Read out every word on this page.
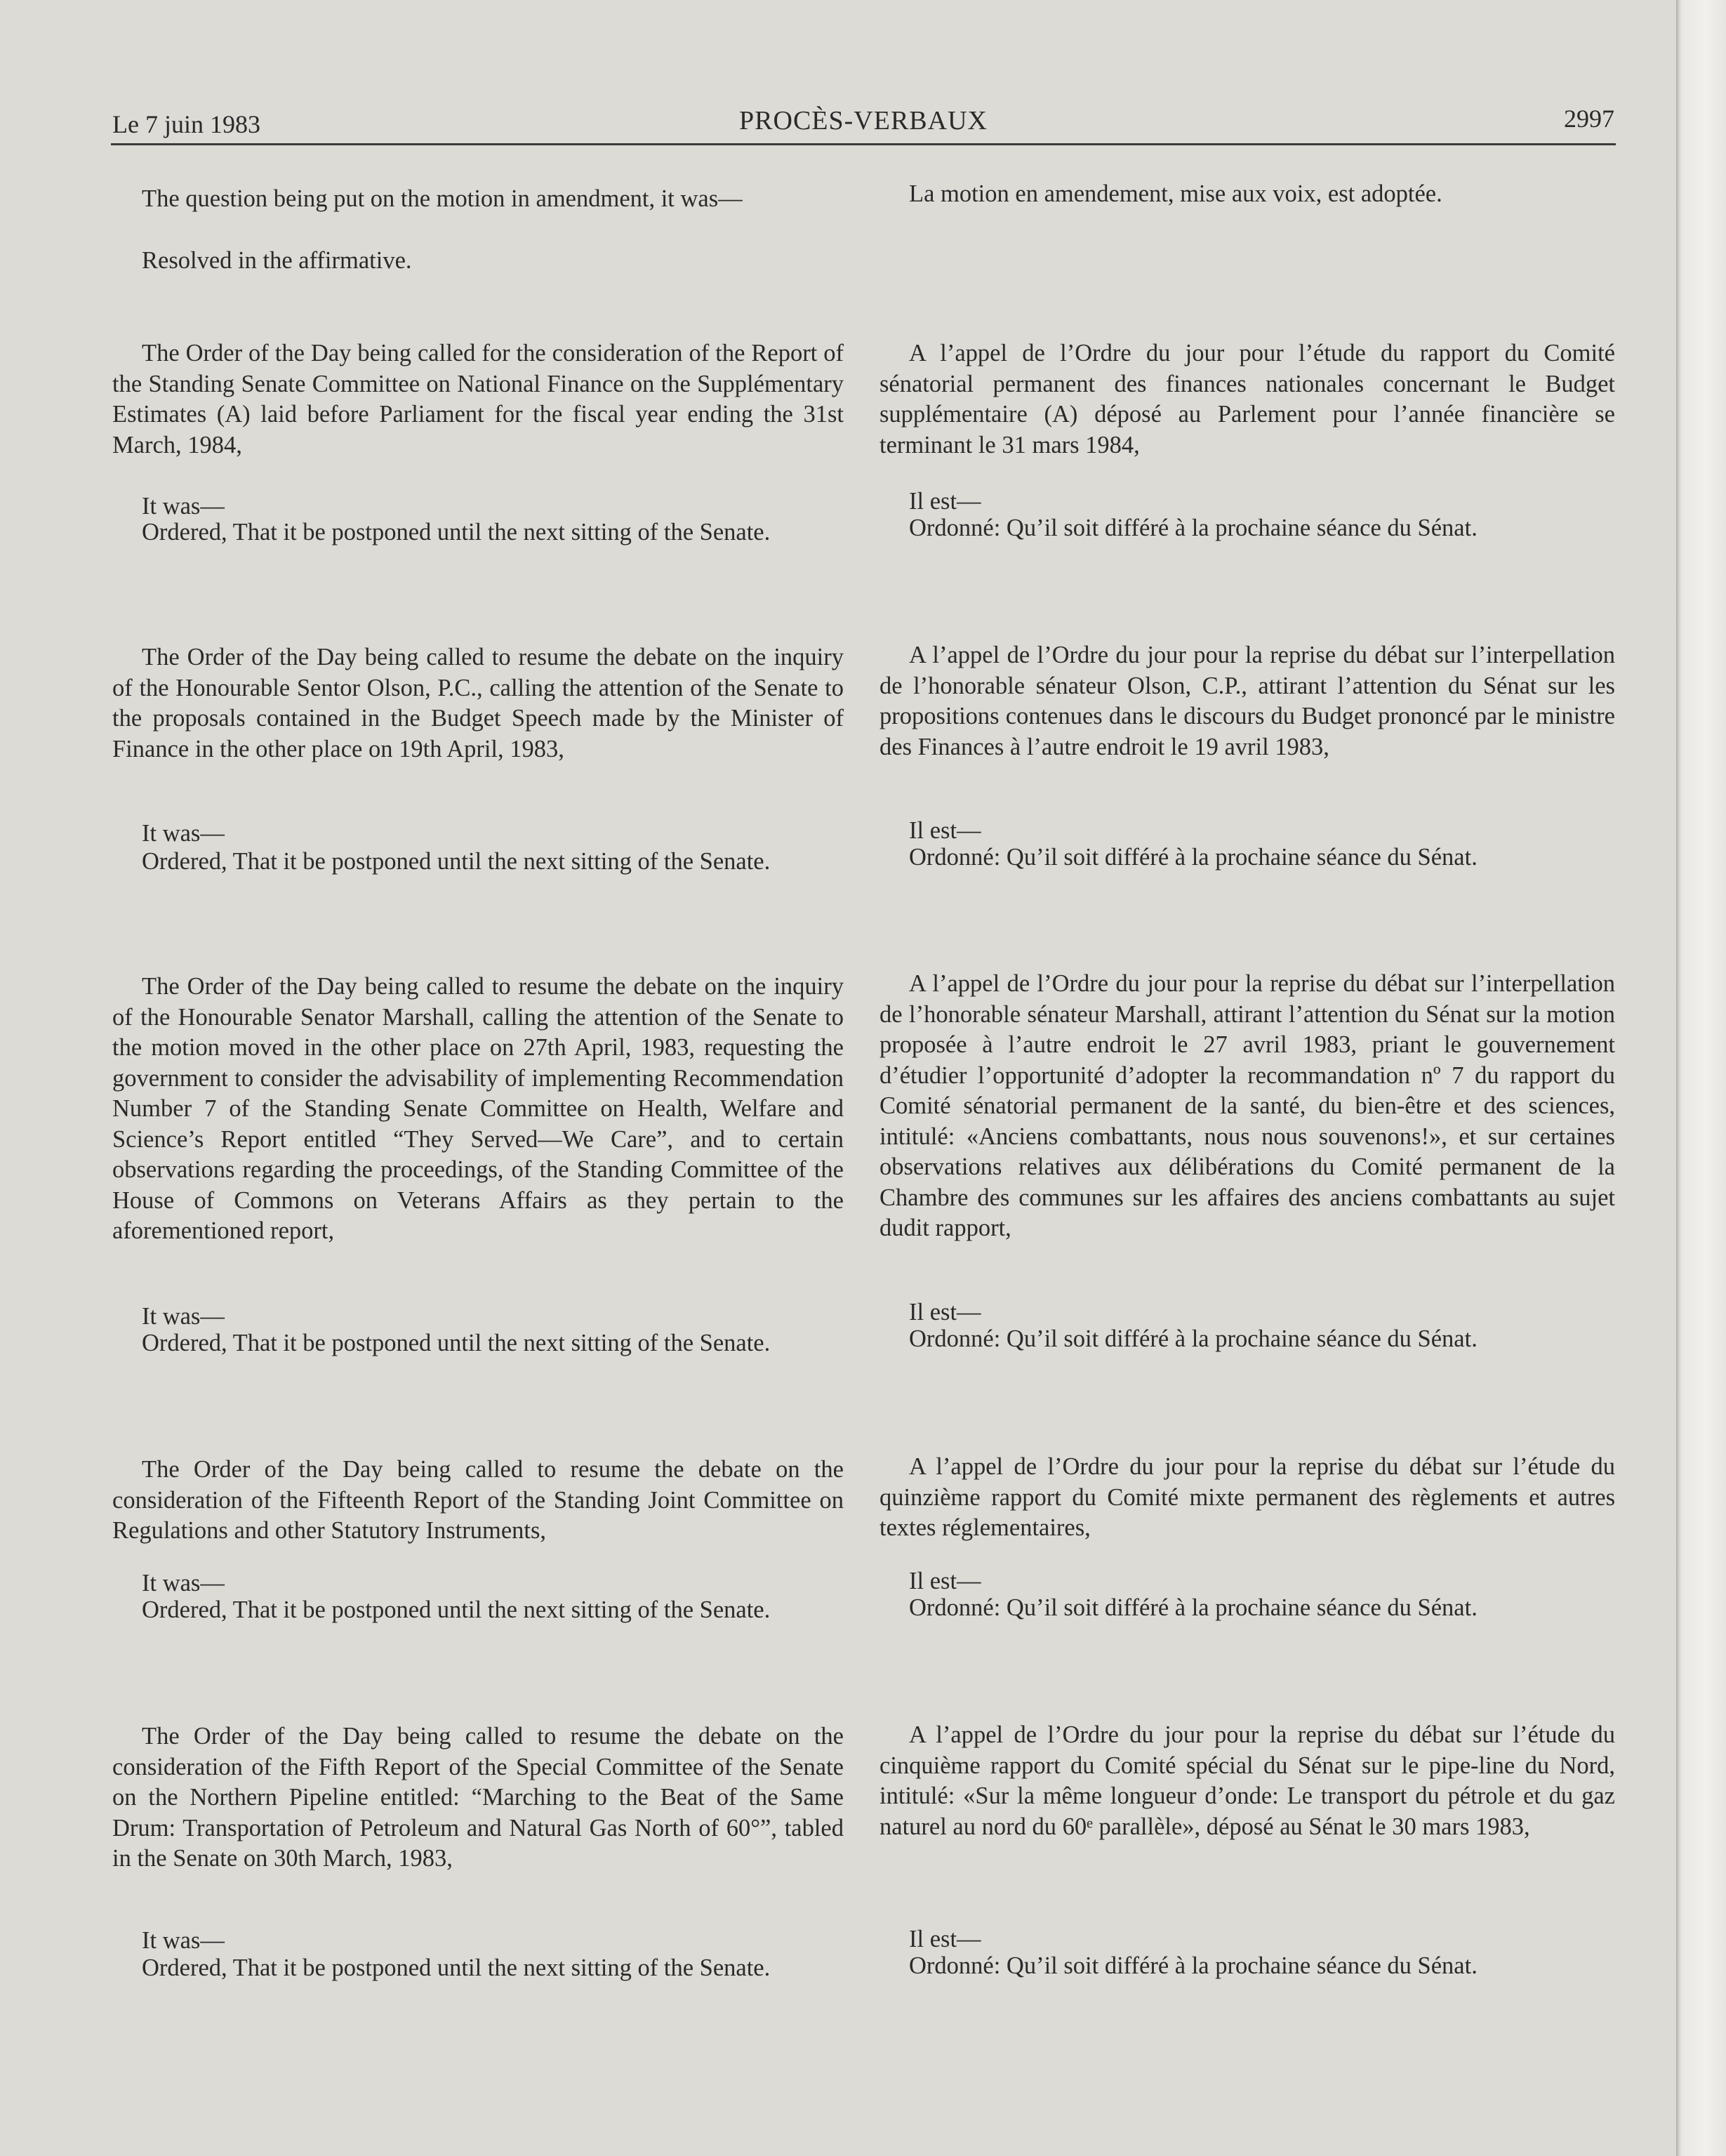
Le 7 juin 1983	PROCÈS-VERBAUX	2997

The question being put on the motion in amendment, it was—

Resolved in the affirmative.

The Order of the Day being called for the consideration of the Report of the Standing Senate Committee on National Finance on the Supplémentary Estimates (A) laid before Parliament for the fiscal year ending the 31st March, 1984,

It was—

Ordered, That it be postponed until the next sitting of the Senate.

The Order of the Day being called to resume the debate on the inquiry of the Honourable Sentor Olson, P.C., calling the attention of the Senate to the proposals contained in the Budget Speech made by the Minister of Finance in the other place on 19th April, 1983,

It was—

Ordered, That it be postponed until the next sitting of the Senate.

The Order of the Day being called to resume the debate on the inquiry of the Honourable Senator Marshall, calling the attention of the Senate to the motion moved in the other place on 27th April, 1983, requesting the government to consider the advisability of implementing Recommendation Number 7 of the Standing Senate Committee on Health, Welfare and Science’s Report entitled “They Served—We Care”, and to certain observations regarding the proceedings, of the Standing Committee of the House of Commons on Veterans Affairs as they pertain to the aforementioned report,

It was—

Ordered, That it be postponed until the next sitting of the Senate.

The Order of the Day being called to resume the debate on the consideration of the Fifteenth Report of the Standing Joint Committee on Regulations and other Statutory Instruments,

It was—

Ordered, That it be postponed until the next sitting of the Senate.

The Order of the Day being called to resume the debate on the consideration of the Fifth Report of the Special Committee of the Senate on the Northern Pipeline entitled: “Marching to the Beat of the Same Drum: Transportation of Petroleum and Natural Gas North of 60°”, tabled in the Senate on 30th March, 1983,

It was—

Ordered, That it be postponed until the next sitting of the Senate.

La motion en amendement, mise aux voix, est adoptée.

A l’appel de l’Ordre du jour pour l’étude du rapport du Comité sénatorial permanent des finances nationales concernant le Budget supplémentaire (A) déposé au Parlement pour l’année financière se terminant le 31 mars 1984,

Il est—

Ordonné: Qu’il soit différé à la prochaine séance du Sénat.

A l’appel de l’Ordre du jour pour la reprise du débat sur l’interpellation de l’honorable sénateur Olson, C.P., attirant l’attention du Sénat sur les propositions contenues dans le discours du Budget prononcé par le ministre des Finances à l’autre endroit le 19 avril 1983,

Il est—

Ordonné: Qu’il soit différé à la prochaine séance du Sénat.

A l’appel de l’Ordre du jour pour la reprise du débat sur l’interpellation de l’honorable sénateur Marshall, attirant l’attention du Sénat sur la motion proposée à l’autre endroit le 27 avril 1983, priant le gouvernement d’étudier l’opportunité d’adopter la recommandation nº 7 du rapport du Comité sénatorial permanent de la santé, du bien-être et des sciences, intitulé: «Anciens combattants, nous nous souvenons!», et sur certaines observations relatives aux délibérations du Comité permanent de la Chambre des communes sur les affaires des anciens combattants au sujet dudit rapport,

Il est—

Ordonné: Qu’il soit différé à la prochaine séance du Sénat.

A l’appel de l’Ordre du jour pour la reprise du débat sur l’étude du quinzième rapport du Comité mixte permanent des règlements et autres textes réglementaires,

Il est—

Ordonné: Qu’il soit différé à la prochaine séance du Sénat.

A l’appel de l’Ordre du jour pour la reprise du débat sur l’étude du cinquième rapport du Comité spécial du Sénat sur le pipe-line du Nord, intitulé: «Sur la même longueur d’onde: Le transport du pétrole et du gaz naturel au nord du 60ᵉ parallèle», déposé au Sénat le 30 mars 1983,

Il est—

Ordonné: Qu’il soit différé à la prochaine séance du Sénat.
